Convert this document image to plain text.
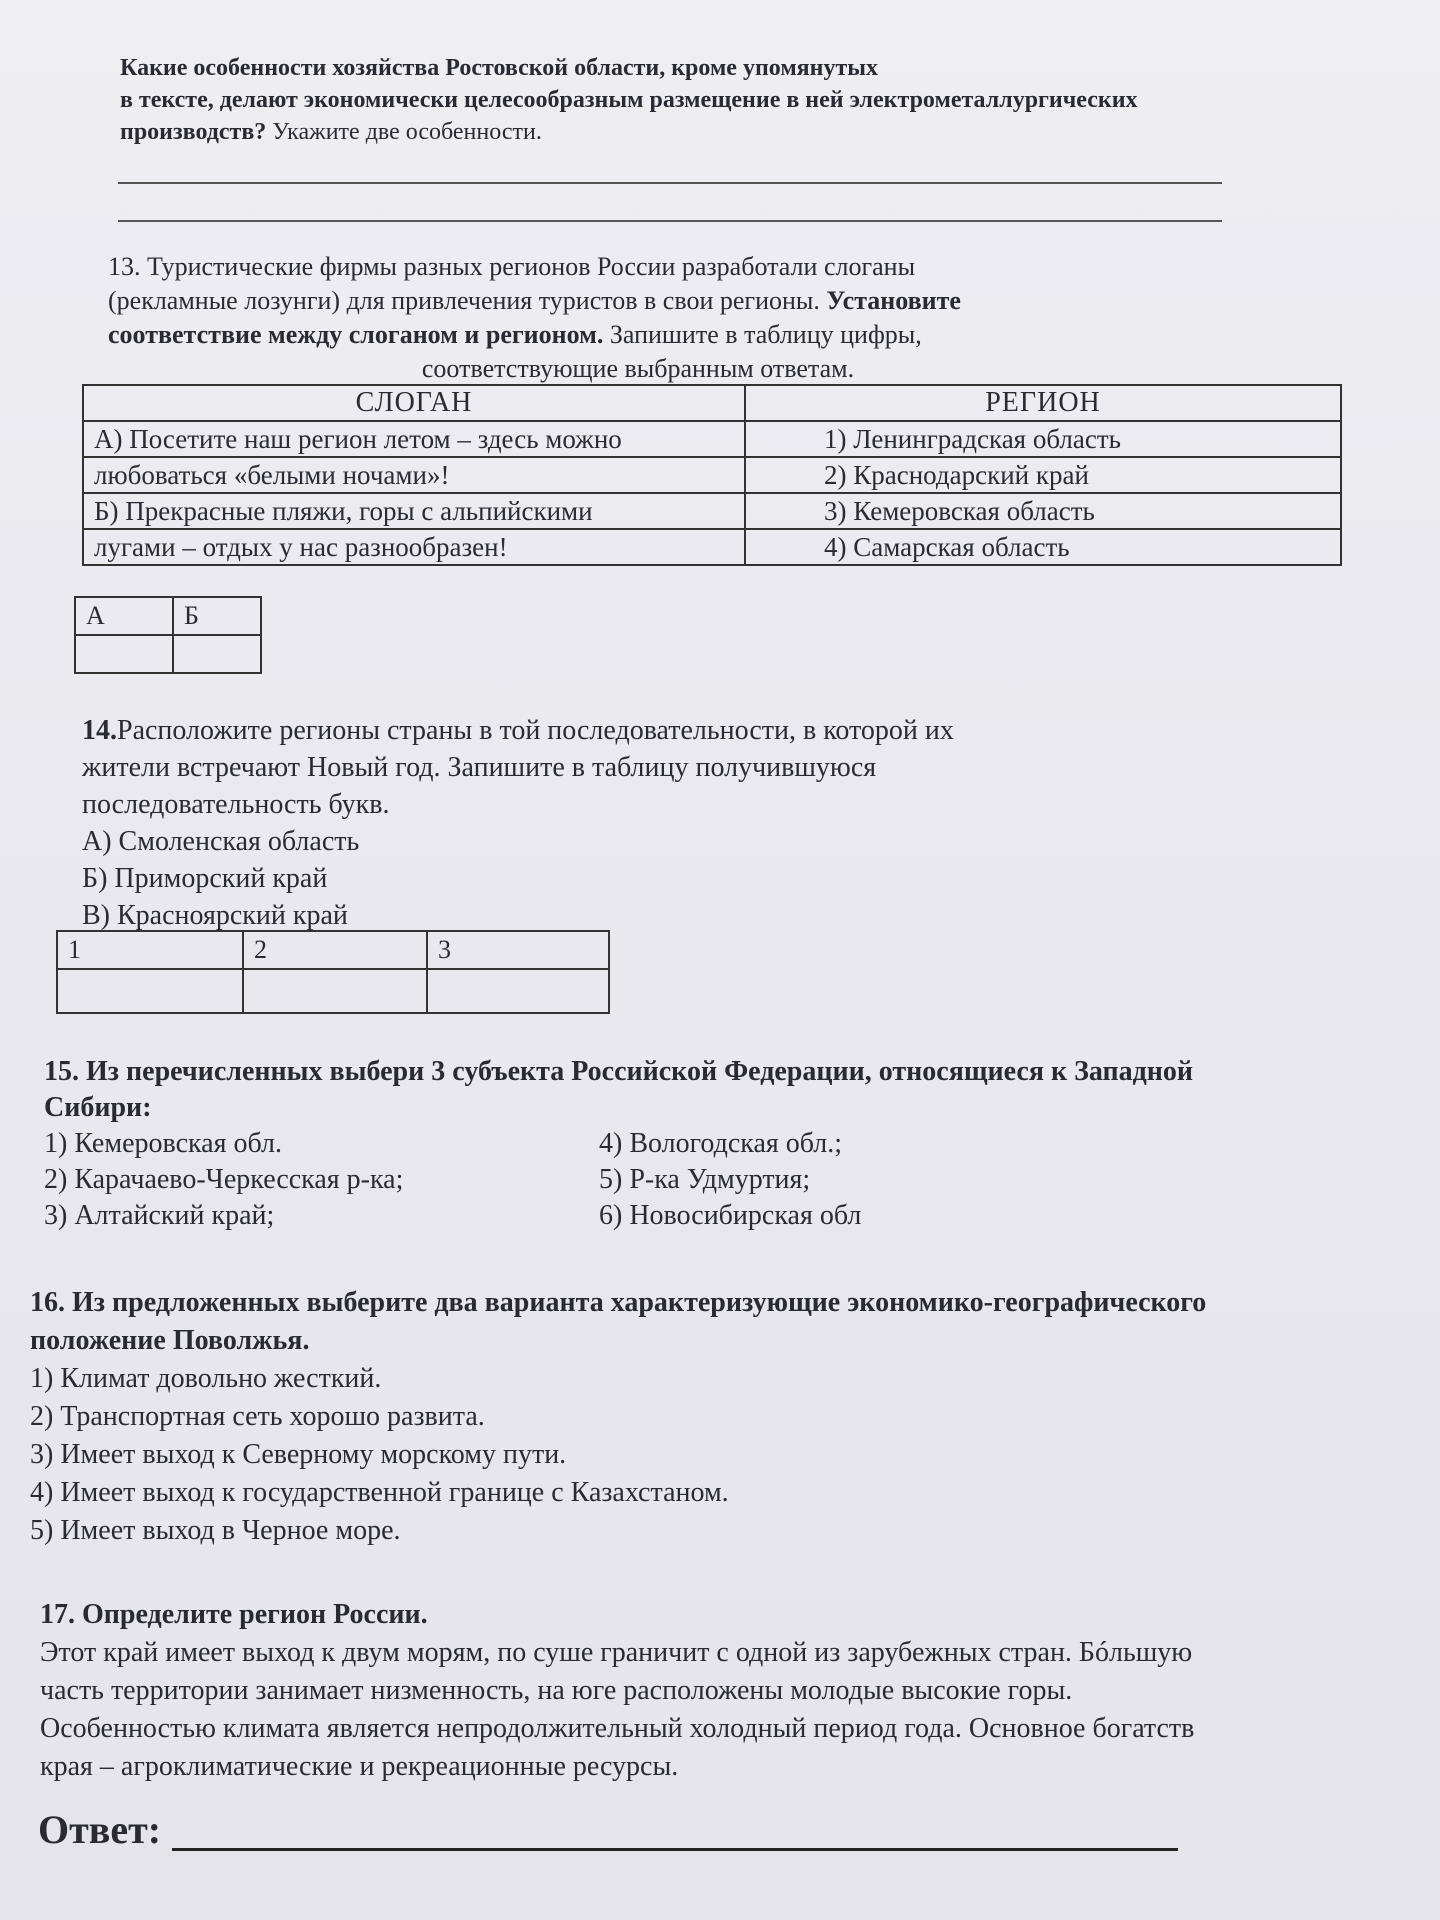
Какие особенности хозяйства Ростовской области, кроме упомянутых
в тексте, делают экономически целесообразным размещение в ней электрометаллургических
производств? Укажите две особенности.
13. Туристические фирмы разных регионов России разработали слоганы
(рекламные лозунги) для привлечения туристов в свои регионы. Установите
соответствие между слоганом и регионом. Запишите в таблицу цифры,
соответствующие выбранным ответам.
СЛОГАН	РЕГИОН
А) Посетите наш регион летом – здесь можно	1) Ленинградская область
любоваться «белыми ночами»!	2) Краснодарский край
Б) Прекрасные пляжи, горы с альпийскими	3) Кемеровская область
лугами – отдых у нас разнообразен!	4) Самарская область
А	Б

14.Расположите регионы страны в той последовательности, в которой их
жители встречают Новый год. Запишите в таблицу получившуюся
последовательность букв.
А) Смоленская область
Б) Приморский край
В) Красноярский край
1	2	3

15. Из перечисленных выбери 3 субъекта Российской Федерации, относящиеся к Западной
Сибири:
1) Кемеровская обл.
2) Карачаево-Черкесская р-ка;
3) Алтайский край;
4) Вологодская обл.;
5) Р-ка Удмуртия;
6) Новосибирская обл
16. Из предложенных выберите два варианта характеризующие экономико-географического
положение Поволжья.
1) Климат довольно жесткий.
2) Транспортная сеть хорошо развита.
3) Имеет выход к Северному морскому пути.
4) Имеет выход к государственной границе с Казахстаном.
5) Имеет выход в Черное море.
17. Определите регион России.
Этот край имеет выход к двум морям, по суше граничит с одной из зарубежных стран. Бóльшую
часть территории занимает низменность, на юге расположены молодые высокие горы.
Особенностью климата является непродолжительный холодный период года. Основное богатств
края – агроклиматические и рекреационные ресурсы.
Ответ:
